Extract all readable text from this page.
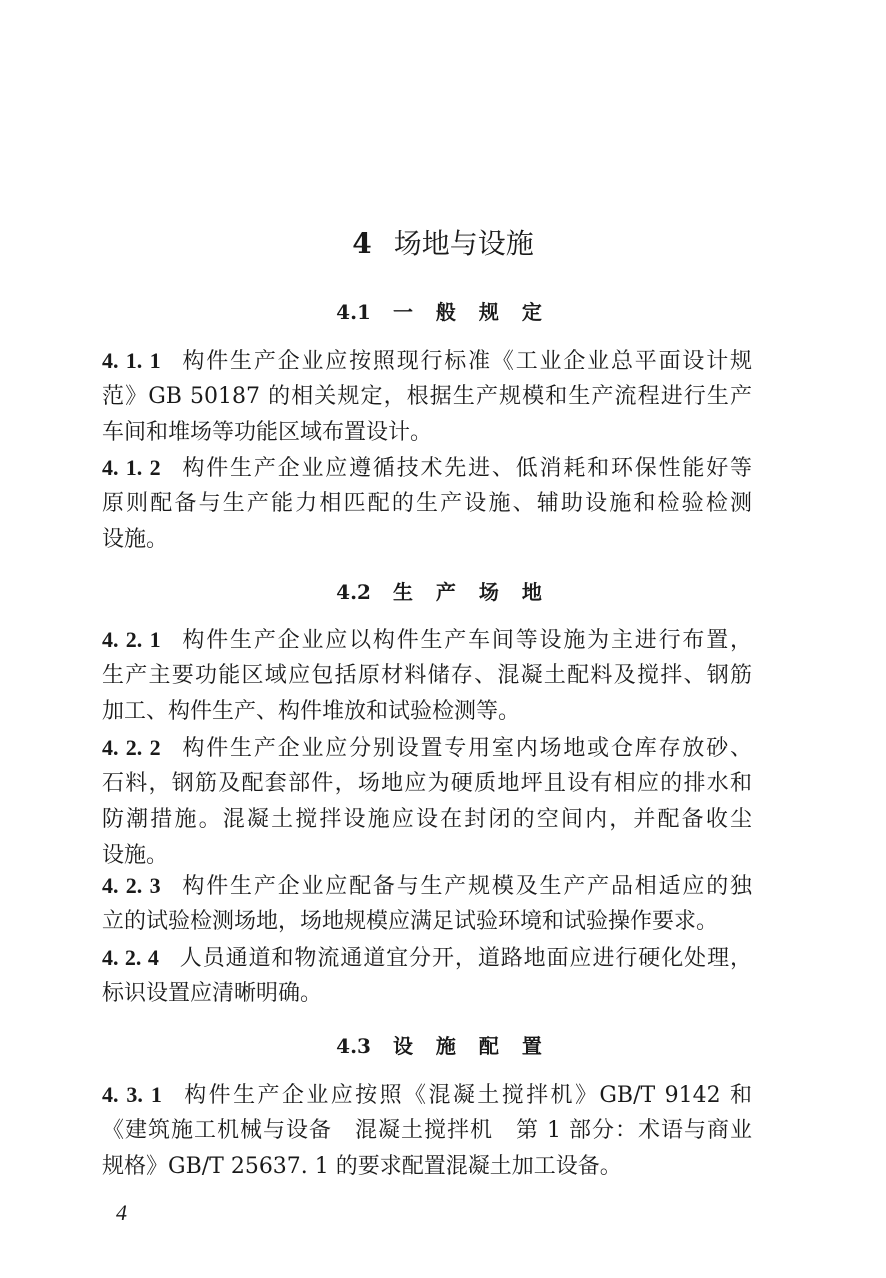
4 场地与设施
4.1 一 般 规 定
4. 1. 1 构件生产企业应按照现行标准《工业企业总平面设计规
范》GB 50187 的相关规定，根据生产规模和生产流程进行生产
车间和堆场等功能区域布置设计。
4. 1. 2 构件生产企业应遵循技术先进、低消耗和环保性能好等
原则配备与生产能力相匹配的生产设施、辅助设施和检验检测
设施。
4.2 生 产 场 地
4. 2. 1 构件生产企业应以构件生产车间等设施为主进行布置，
生产主要功能区域应包括原材料储存、混凝土配料及搅拌、钢筋
加工、构件生产、构件堆放和试验检测等。
4. 2. 2 构件生产企业应分别设置专用室内场地或仓库存放砂、
石料，钢筋及配套部件，场地应为硬质地坪且设有相应的排水和
防潮措施。混凝土搅拌设施应设在封闭的空间内，并配备收尘
设施。
4. 2. 3 构件生产企业应配备与生产规模及生产产品相适应的独
立的试验检测场地，场地规模应满足试验环境和试验操作要求。
4. 2. 4 人员通道和物流通道宜分开，道路地面应进行硬化处理，
标识设置应清晰明确。
4.3 设 施 配 置
4. 3. 1 构件生产企业应按照《混凝土搅拌机》GB/T 9142 和
《建筑施工机械与设备　混凝土搅拌机　第 1 部分：术语与商业
规格》GB/T 25637. 1 的要求配置混凝土加工设备。
4
